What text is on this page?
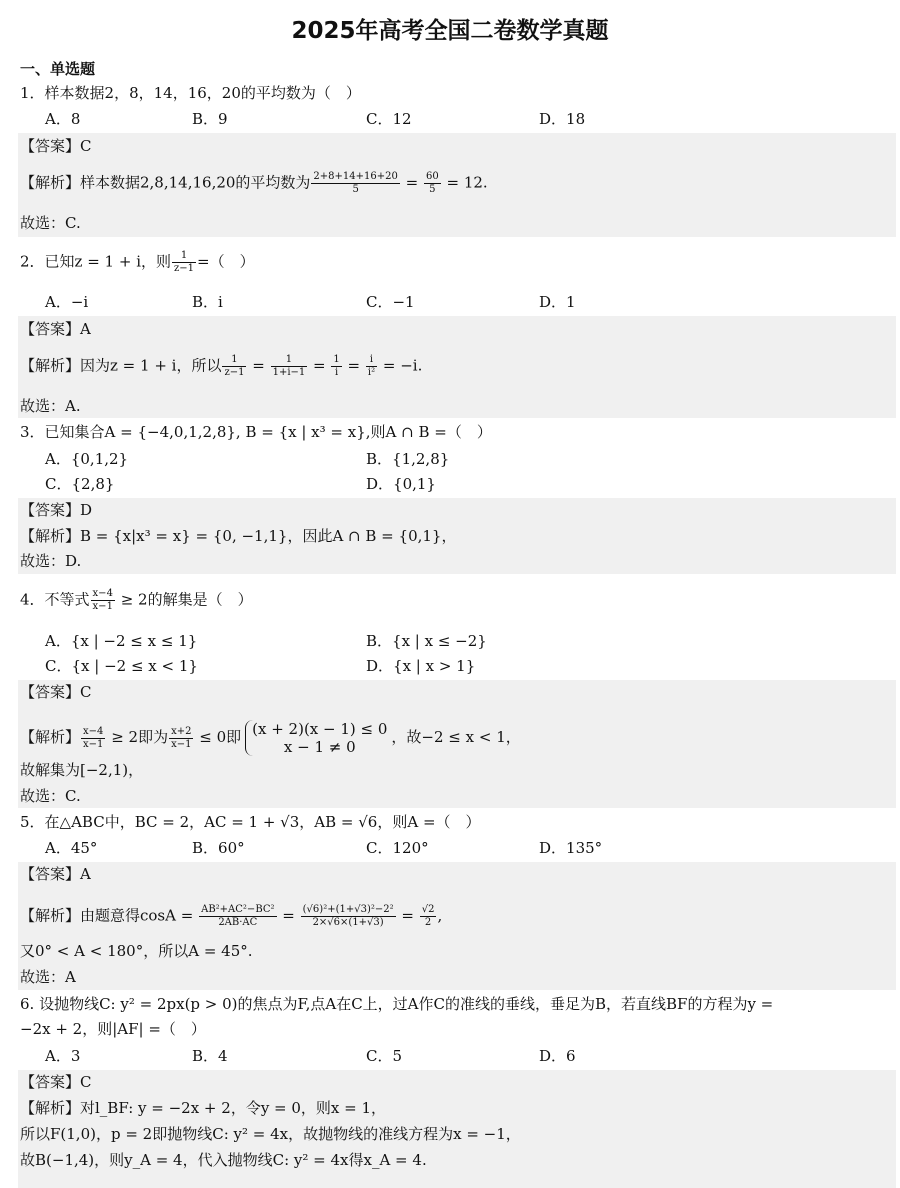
2025年高考全国二卷数学真题
一、单选题
1．样本数据2，8，14，16，20的平均数为（　）
A．8	B．9	C．12	D．18
【答案】C
【解析】样本数据2,8,14,16,20的平均数为 $\frac{2+8+14+16+20}{5} = \frac{60}{5} = 12$.
故选：C.
2．已知z = 1 + i，则 $\frac{1}{z-1}$ =（　）
A．−i	B．i	C．−1	D．1
【答案】A
【解析】因为z = 1 + i，所以 $\frac{1}{z-1} = \frac{1}{1+i-1} = \frac{1}{i} = \frac{i}{\text{i²}} = -i$.
故选：A.
3．已知集合A = {−4,0,1,2,8}, B = {x | x³ = x},则A ∩ B =（　）
A．{0,1,2}	B．{1,2,8}
C．{2,8}	D．{0,1}
【答案】D
【解析】B = {x|x³ = x} = {0, −1,1}，因此A ∩ B = {0,1}，
故选：D.
4．不等式 $\frac{x-4}{x-1} \ge 2$的解集是（　）
A．{x | −2 ≤ x ≤ 1}	B．{x | x ≤ −2}
C．{x | −2 ≤ x < 1}	D．{x | x > 1}
【答案】C
【解析】 $\frac{x-4}{x-1} \ge 2$即为 $\frac{x+2}{x-1} \le 0$即 (x + 2)(x − 1) ≤ 0
x − 1 ≠ 0
，故−2 ≤ x < 1，
故解集为[−2,1)，
故选：C.
5．在△ABC中，BC = 2，AC = 1 + √3，AB = √6，则A =（　）
A．45°	B．60°	C．120°	D．135°
【答案】A
【解析】由题意得$\cos A = \frac{\text{AB²+AC²−BC²}}{2AB\cdot AC} = \frac{\text{(√6)²+(1+√3)²−2²}}{2\times√6\times(1+√3)} = \frac{√2}{2}$ ,
又0° < A < 180°，所以A = 45°.
故选：A
6. 设抛物线C: y² = 2px(p > 0)的焦点为F,点A在C上，过A作C的准线的垂线，垂足为B，若直线BF的方程为y =
−2x + 2，则|AF| =（　）
A．3	B．4	C．5	D．6
【答案】C
【解析】对l_BF: y = −2x + 2，令y = 0，则x = 1，
所以F(1,0)，p = 2即抛物线C: y² = 4x，故抛物线的准线方程为x = −1，
故B(−1,4)，则y_A = 4，代入抛物线C: y² = 4x得x_A = 4.
